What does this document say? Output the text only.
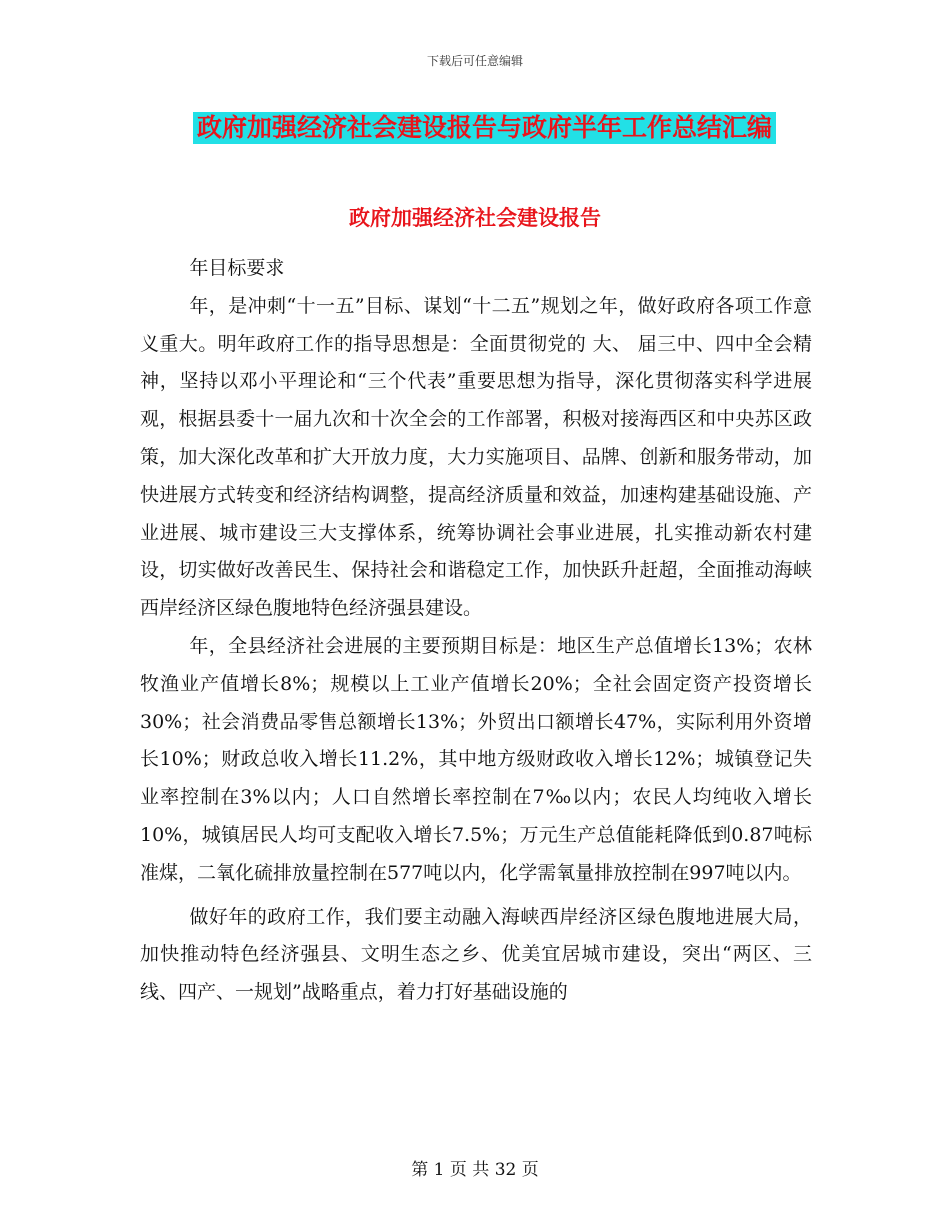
下载后可任意编辑
政府加强经济社会建设报告与政府半年工作总结汇编
政府加强经济社会建设报告

年目标要求

年，是冲刺“十一五”目标、谋划“十二五”规划之年，做好政府各项工作意义重大。明年政府工作的指导思想是：全面贯彻党的 大、 届三中、四中全会精神，坚持以邓小平理论和“三个代表”重要思想为指导，深化贯彻落实科学进展观，根据县委十一届九次和十次全会的工作部署，积极对接海西区和中央苏区政策，加大深化改革和扩大开放力度，大力实施项目、品牌、创新和服务带动，加快进展方式转变和经济结构调整，提高经济质量和效益，加速构建基础设施、产业进展、城市建设三大支撑体系，统筹协调社会事业进展，扎实推动新农村建设，切实做好改善民生、保持社会和谐稳定工作，加快跃升赶超，全面推动海峡西岸经济区绿色腹地特色经济强县建设。

年，全县经济社会进展的主要预期目标是：地区生产总值增长13%；农林牧渔业产值增长8%；规模以上工业产值增长20%；全社会固定资产投资增长30%；社会消费品零售总额增长13%；外贸出口额增长47%，实际利用外资增长10%；财政总收入增长11.2%，其中地方级财政收入增长12%；城镇登记失业率控制在3%以内；人口自然增长率控制在7‰以内；农民人均纯收入增长10%，城镇居民人均可支配收入增长7.5%；万元生产总值能耗降低到0.87吨标准煤，二氧化硫排放量控制在577吨以内，化学需氧量排放控制在997吨以内。

做好年的政府工作，我们要主动融入海峡西岸经济区绿色腹地进展大局，加快推动特色经济强县、文明生态之乡、优美宜居城市建设，突出“两区、三线、四产、一规划”战略重点，着力打好基础设施的

第 1 页 共 32 页
